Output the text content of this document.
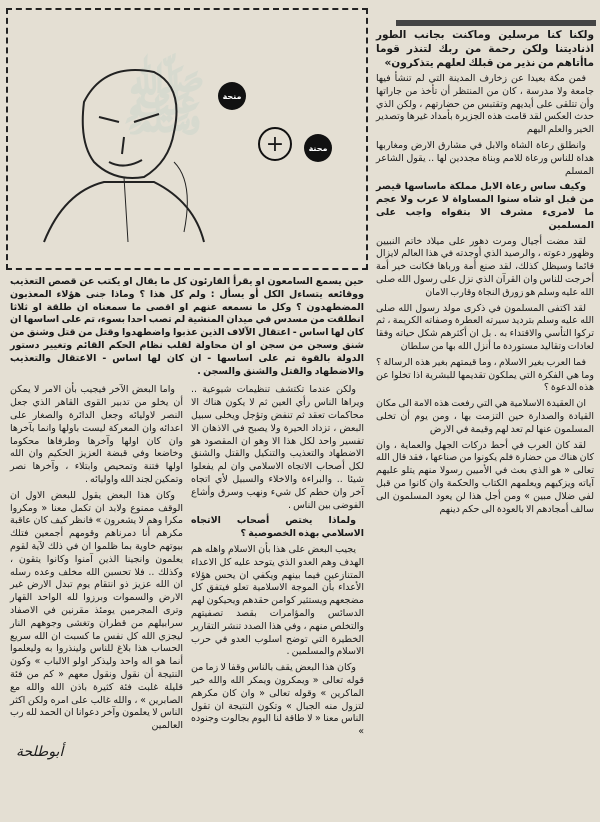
ﷺ	منحة
+	محنة
حين يسمع السامعون او يقرأ القارئون كل ما يقال او يكتب عن قصص التعذيب ووقائعه يتساءل الكل أو يسأل : ولم كل هذا ؟ وماذا جنى هؤلاء المعذبون المضطهدون ؟ وكل ما نسمعه عنهم او اقصى ما سمعناه ان طلقة او ثلاثا انطلقت من مسدس في ميدان المنشية لم تصب احدا بسوء، تم على اساسها ان كان لها اساس - اعتقال الآلاف الذين عذبوا واضطهدوا وقتل من قتل وشنق من شنق وسجن من سجن او ان محاولة لقلب نظام الحكم القائم وتغيير دستور الدولة بالقوة تم على اساسها - ان كان لها اساس - الاعتقال والتعذيب والاضطهاد والقتل والشنق والسجن .

ولكن عندما تكتشف تنظيمات شيوعية .. ويراها الناس رأي العين ثم لا يكون هناك الا محاكمات تعقد ثم تنفض وتؤجل ويخلى سبيل البعض ، تزداد الحيرة ولا يصبح في الاذهان الا تفسير واحد لكل هذا الا وهو ان المقصود هو الاضطهاد والتعذيب والتنكيل والقتل والشنق لكل أصحاب الاتجاه الاسلامي وان لم يفعلوا شيئا .. والبراءة والاخلاء والسبيل لأي اتجاه آخر وان حطم كل شيء ونهب وسرق وأشاع الفوضى بين الناس .

ولماذا يختص أصحاب الاتجاه الاسلامي بهذه الخصوصية ؟

يجيب البعض على هذا بأن الاسلام واهله هم الهدف وهم العدو الذي يتوحد عليه كل الاعداء المتنازعين فيما بينهم ويكفي ان يحس هؤلاء الأعداء بأن الموجة الاسلامية تعلو فيتفق كل مضجعهم ويستثير كوامن حقدهم ويحيكون لهم الدسائس والمؤامرات بقصد تصفيتهم والتخلص منهم ، وفي هذا الصدد تنشر التقارير الخطيرة التي توضح اسلوب العدو في حرب الاسلام والمسلمين .

وكان هذا البعض يقف بالناس وقفا لا زما من قوله تعالى « ويمكرون ويمكر الله والله خير الماكرين » وقوله تعالى « وان كان مكرهم لتزول منه الجبال » وتكون النتيجة ان تقول الناس معنا « لا طاقة لنا اليوم بجالوت وجنوده »

واما البعض الآخر فيجيب بأن الامر لا يمكن أن يخلو من تدبير القوى القاهر الذي جعل النصر لاوليائه وجعل الدائرة والصغار على اعدائه وان المعركة ليست باولها وانما بآخرها وان كان اولها وآخرها وطرفاها محكوما وخاضعا وفي قبضة العزيز الحكيم وان الله اولها فتنة وتمحيص وابتلاء ، وآخرها نصر وتمكين لجند الله واوليائه .

وكان هذا البعض يقول للبعض الاول ان الوقف ممنوع ولابد ان تكمل معنا « ومكروا مكرا وهم لا يشعرون » فانظر كيف كان عاقبة مكرهم أنا دمرناهم وقومهم أجمعين فتلك بيوتهم خاوية بما ظلموا ان في ذلك لآية لقوم يعلمون وانجينا الذين آمنوا وكانوا يتقون ، وكذلك .. فلا تحسبن الله مخلف وعده رسله ان الله عزيز ذو انتقام يوم تبدل الارض غير الارض والسموات وبرزوا لله الواحد القهار وترى المجرمين يومئذ مقرنين في الاصفاد سرابيلهم من قطران وتغشى وجوههم النار ليجزي الله كل نفس ما كسبت ان الله سريع الحساب هذا بلاغ للناس ولينذروا به وليعلموا أنما هو اله واحد وليذكر اولو الالباب » وكون النتيجة أن نقول ونقول معهم « كم من فئة قليلة غلبت فئة كثيرة باذن الله والله مع الصابرين » ، والله غالب على امره ولكن اكثر الناس لا يعلمون وآخر دعوانا ان الحمد لله رب العالمين

أبوطلحة

ولكنا كنا مرسلين وماكنت بجانب الطور اذناديتنا ولكن رحمة من ربك لتنذر قوما ماأتاهم من نذير من قبلك لعلهم يتذكرون»

فمن مكة بعيدا عن زخارف المدينة التي لم تنشأ فيها جامعة ولا مدرسة ، كان من المنتظر أن تأخذ من جاراتها وأن تتلقى على أيديهم وتقتبس من حضارتهم ، ولكن الذي حدث العكس لقد قامت هذه الجزيرة بأمداد غيرها وتصدير الخير والعلم اليهم

وانطلق رعاة الشاة والابل في مشارق الارض ومغاربها هداة للناس ورعاة للامم وبناة مجددين لها .. يقول الشاعر المسلم

وكيف ساس رعاة الابل مملكة ماساسها قيصر من قبل او شاه سنوا المساواة لا عرب ولا عجم ما لامرىء مشرف الا بتقواه واجب على المسلمين

لقد مضت أجيال ومرت دهور على ميلاد خاتم النبيين وظهور دعوته ، والرصيد الذي أوجدته في هذا العالم لايزال قائما وسيظل كذلك، لقد صنع أمة ورباها فكانت خير أمة أخرجت للناس وان القرآن الذي نزل على رسول الله صلى الله عليه وسلم هو زورق النجاة وقارب الامان

لقد اكتفى المسلمون في ذكرى مولد رسول الله صلى الله عليه وسلم بترديد سيرته العطرة وصفاته الكريمة ، ثم تركوا التأسي والاقتداء به . بل ان أكثرهم شكل حياته وفقا لعادات وتقاليد مستوردة ما أنزل الله بها من سلطان

فما العرب بغير الاسلام ، وما قيمتهم بغير هذه الرسالة ؟ وما هي الفكرة التي يملكون تقديمها للبشرية اذا تخلوا عن هذه الدعوة ؟

ان العقيدة الاسلامية هي التي رفعت هذه الامة الى مكان القيادة والصدارة حين التزمت بها ، ومن يوم أن تخلى المسلمون عنها لم تعد لهم وقيمة في الارض

لقد كان العرب في أحط دركات الجهل والعماية ، وان كان هناك من حضارة فلم يكونوا من صناعها ، فقد قال الله تعالى « هو الذي بعث في الأميين رسولا منهم يتلو عليهم آياته ويزكيهم ويعلمهم الكتاب والحكمة وان كانوا من قبل لفي ضلال مبين » ومن أجل هذا لن يعود المسلمون الى سالف أمجادهم الا بالعودة الى حكم دينهم
